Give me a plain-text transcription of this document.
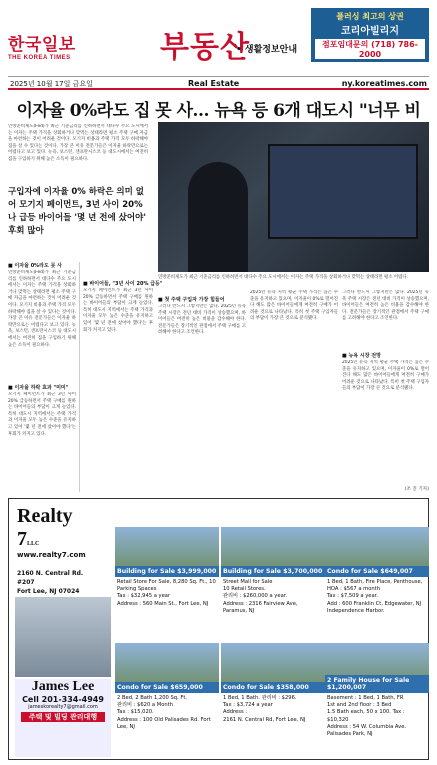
한국일보
THE KOREA TIMES	부동산
• 생활정보안내
플러싱 최고의 상권
코리아빌리지
점포임대문의 (718) 786-2000
2025년 10월 17일 금요일	Real Estate	ny.koreatimes.com
이자율 0%라도 집 못 사… 뉴욕 등 6개 대도시 "너무 비
연방준비제도(Fed)가 최근 기준금리를 인하하면서 대다수 주요 도시에서는 이자는 주택 가격을 상회하거나 맞먹는 상태라면 평소 주택 구매 자금을 마련하는 것이 어려운 것이다. 모기지 비용과 주택 가격 모두 하락해야 집을 살 수 있다는 것이다. 가장 큰 이유 전문가들은 이자율 하락만으로는 어렵다고 보고 있다. 뉴욕, 보스턴, 샌프란시스코 등 대도시에서는 여전히 집을 구입하기 위해 높은 소득이 필요하다.
구입자에 이자율 0% 하락은 의미 없어 모기지 페이먼트, 3년 사이 20%나 급등 바이어들 '몇 년 전에 샀어야' 후회 많아
■ 이자율 0%라도 못 사
연방준비제도(Fed)가 최근 기준금리를 인하하면서 대다수 주요 도시에서는 이자는 주택 가격을 상회하거나 맞먹는 상태라면 평소 주택 구매 자금을 마련하는 것이 어려운 것이다. 모기지 비용과 주택 가격 모두 하락해야 집을 살 수 있다는 것이다. 가장 큰 이유 전문가들은 이자율 하락만으로는 어렵다고 보고 있다. 뉴욕, 보스턴, 샌프란시스코 등 대도시에서는 여전히 집을 구입하기 위해 높은 소득이 필요하다.
■ 이자율 하락 효과 "미미"
모기지 페이먼트가 최근 3년 사이 20% 급등하면서 주택 구매를 원하는 바이어들의 부담이 크게 늘었다. 특히 대도시 지역에서는 주택 가격과 이자율 모두 높은 수준을 유지하고 있어 '몇 년 전에 샀어야 했다'는 후회가 커지고 있다.
■ 바이어들, "3년 사이 20% 급등"
모기지 페이먼트가 최근 3년 사이 20% 급등하면서 주택 구매를 원하는 바이어들의 부담이 크게 늘었다. 특히 대도시 지역에서는 주택 가격과 이자율 모두 높은 수준을 유지하고 있어 '몇 년 전에 샀어야 했다'는 후회가 커지고 있다.
연방준비제도가 최근 기준금리를 인하하면서 대다수 주요 도시에서는 이자는 주택 가격을 상회하거나 맞먹는 상태라면 평소 어렵다.
■ 첫 주택 구입자 가장 힘들어
그러나 반드시 그렇지만은 않다. 2025년 뉴욕 주택 시장은 전년 대비 가격이 상승했으며, 바이어들은 여전히 높은 비용을 감수해야 한다. 전문가들은 장기적인 관점에서 주택 구매를 고려해야 한다고 조언한다.
2025년 뉴욕 지역 평균 주택 가격은 높은 수준을 유지하고 있으며, 이자율이 0%로 떨어진다 해도 많은 바이어들에게 여전히 구매가 어려운 것으로 나타났다. 특히 첫 주택 구입자들의 부담이 가장 큰 것으로 분석됐다.
■ 뉴욕 시장 전망
그러나 반드시 그렇지만은 않다. 2025년 뉴욕 주택 시장은 전년 대비 가격이 상승했으며, 바이어들은 여전히 높은 비용을 감수해야 한다. 전문가들은 장기적인 관점에서 주택 구매를 고려해야 한다고 조언한다.
2025년 뉴욕 지역 평균 주택 가격은 높은 수준을 유지하고 있으며, 이자율이 0%로 떨어진다 해도 많은 바이어들에게 여전히 구매가 어려운 것으로 나타났다. 특히 첫 주택 구입자들의 부담이 가장 큰 것으로 분석됐다.
(조 진 기자)
Realty 7LLC
www.realty7.com
2160 N. Central Rd. #207
Fort Lee, NJ 07024
James Lee
Cell 201-334-4949
jameskorealty7@gmail.com
주택 및 빌딩 관리대행
Building for Sale $3,999,000
Retail Store For Sale, 8,280 Sq. Ft., 10 Parking Spaces
Tax : $32,945 a year
Address : 560 Main St., Fort Lee, NJ
Building for Sale $3,700,000
Street Mall for Sale
10 Retail Stores.
관리비 : $260,000 a year.
Address : 2316 Fairview Ave, Paramus, NJ
Condo for Sale $649,007
1 Bed, 1 Bath, Fire Place, Penthouse, HOA : $567 a month
Tax : $7,509 a year.
Add : 600 Franklin Ct, Edgewater, NJ Independence Harbor.
Condo for Sale $659,000
2 Bed, 2 Bath 1,200 Sq. Ft.
관리비 : $620 a Month
Tax : $15,020.
Address : 100 Old Palisades Rd. Fort Lee, NJ
Condo for Sale $358,000
1 Bed, 1 Bath. 관리비 : $296.
Tax : $3,724 a year
Address :
2161 N. Central Rd, Fort Lee, NJ
2 Family House for Sale $1,200,007
Basement : 1 Bed, 1 Bath, FR
1st and 2nd floor : 3 Bed
1.5 Bath each, 50 x 100. Tax : $10,320
Address : 54 W. Columbia Ave. Palisades Park, NJ
